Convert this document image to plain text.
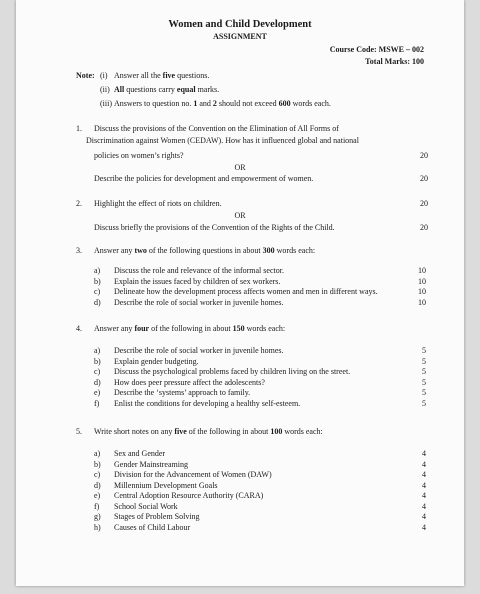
Women and Child Development
ASSIGNMENT
Course Code: MSWE – 002
Total Marks: 100
Note: (i) Answer all the five questions.
(ii) All questions carry equal marks.
(iii) Answers to question no. 1 and 2 should not exceed 600 words each.
1. Discuss the provisions of the Convention on the Elimination of All Forms of
Discrimination against Women (CEDAW). How has it influenced global and national
policies on women’s rights?	20
OR
Describe the policies for development and empowerment of women.	20
2. Highlight the effect of riots on children.	20
OR
Discuss briefly the provisions of the Convention of the Rights of the Child.	20
3. Answer any two of the following questions in about 300 words each:
4. Answer any four of the following in about 150 words each:
5. Write short notes on any five of the following in about 100 words each:
a) Discuss the role and relevance of the informal sector.	10
b) Explain the issues faced by children of sex workers.	10
c) Delineate how the development process affects women and men in different ways.	10
d) Describe the role of social worker in juvenile homes.	10
a) Describe the role of social worker in juvenile homes.	5
b) Explain gender budgeting.	5
c) Discuss the psychological problems faced by children living on the street.	5
d) How does peer pressure affect the adolescents?	5
e) Describe the ‘systems’ approach to family.	5
f) Enlist the conditions for developing a healthy self-esteem.	5
a) Sex and Gender	4
b) Gender Mainstreaming	4
c) Division for the Advancement of Women (DAW)	4
d) Millennium Development Goals	4
e) Central Adoption Resource Authority (CARA)	4
f) School Social Work	4
g) Stages of Problem Solving	4
h) Causes of Child Labour	4
